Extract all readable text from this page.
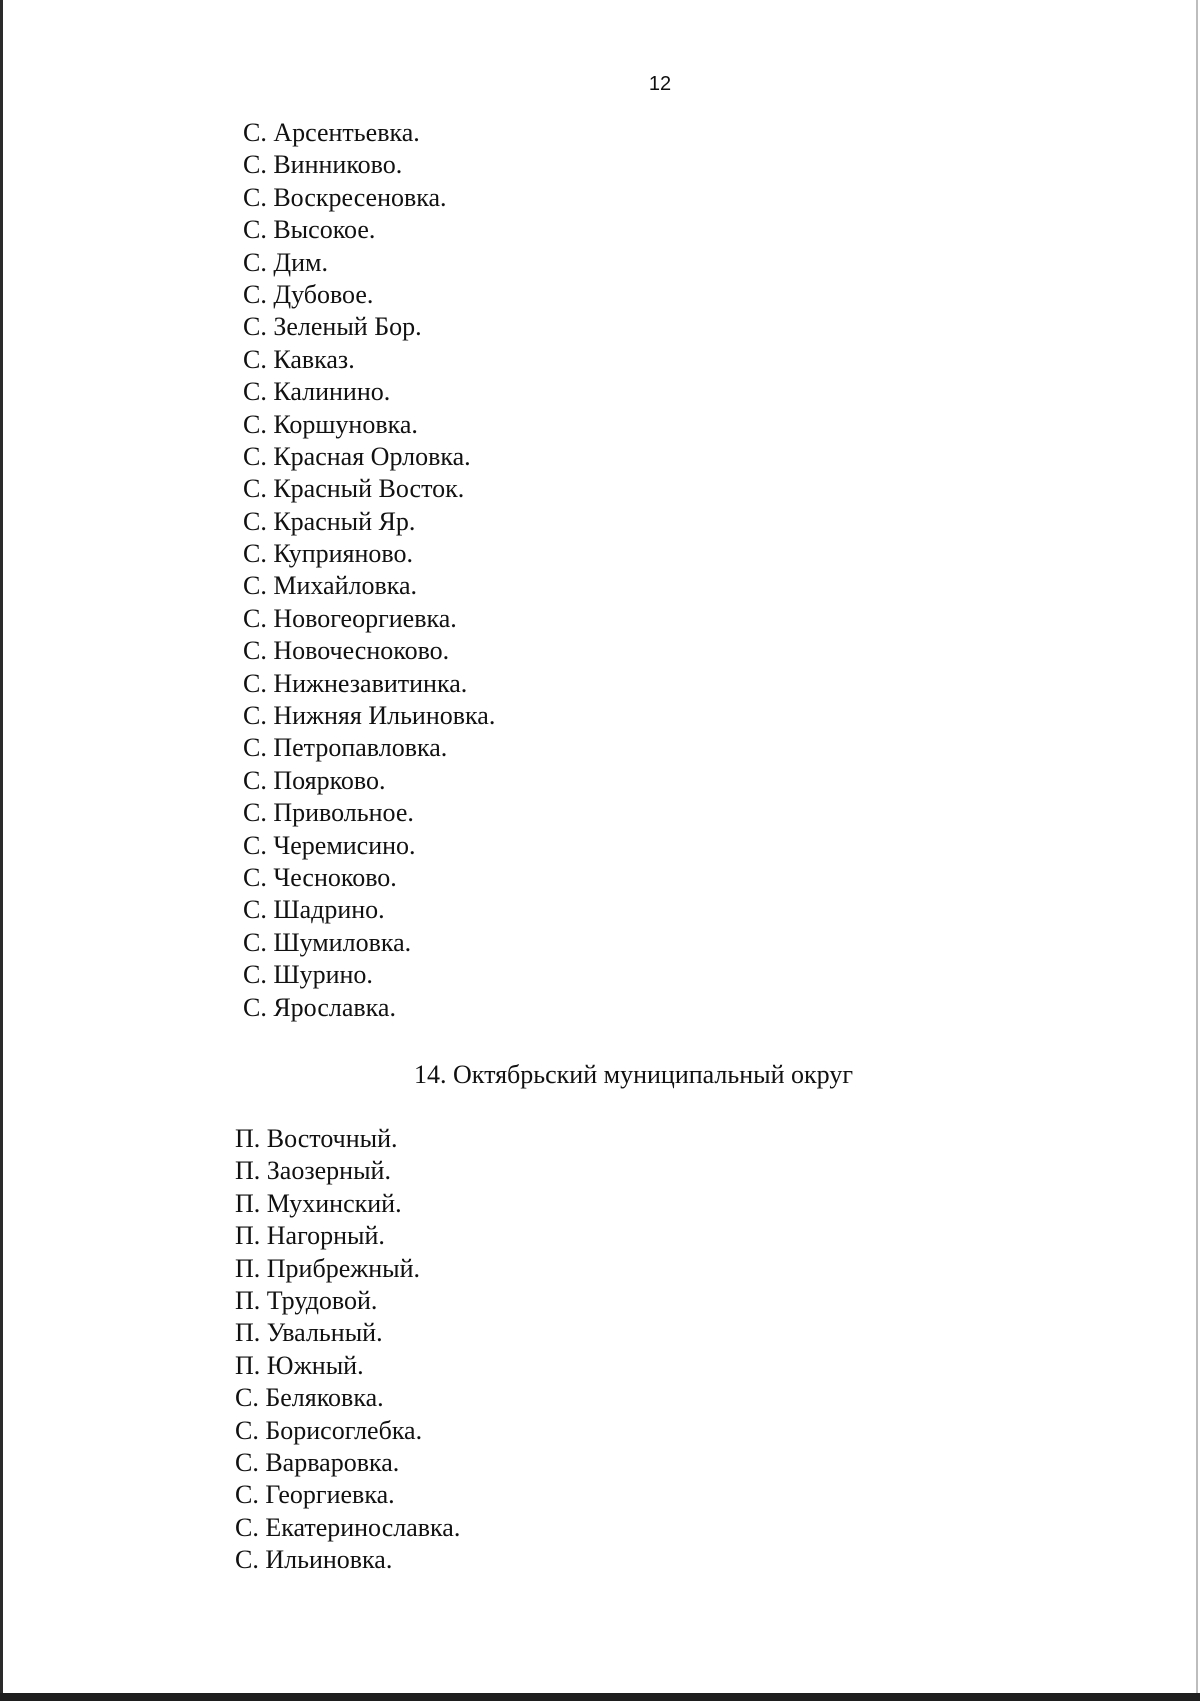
12
С. Арсентьевка.
С. Винниково.
С. Воскресеновка.
С. Высокое.
С. Дим.
С. Дубовое.
С. Зеленый Бор.
С. Кавказ.
С. Калинино.
С. Коршуновка.
С. Красная Орловка.
С. Красный Восток.
С. Красный Яр.
С. Куприяново.
С. Михайловка.
С. Новогеоргиевка.
С. Новочесноково.
С. Нижнезавитинка.
С. Нижняя Ильиновка.
С. Петропавловка.
С. Поярково.
С. Привольное.
С. Черемисино.
С. Чесноково.
С. Шадрино.
С. Шумиловка.
С. Шурино.
С. Ярославка.
14. Октябрьский муниципальный округ
П. Восточный.
П. Заозерный.
П. Мухинский.
П. Нагорный.
П. Прибрежный.
П. Трудовой.
П. Увальный.
П. Южный.
С. Беляковка.
С. Борисоглебка.
С. Варваровка.
С. Георгиевка.
С. Екатеринославка.
С. Ильиновка.
